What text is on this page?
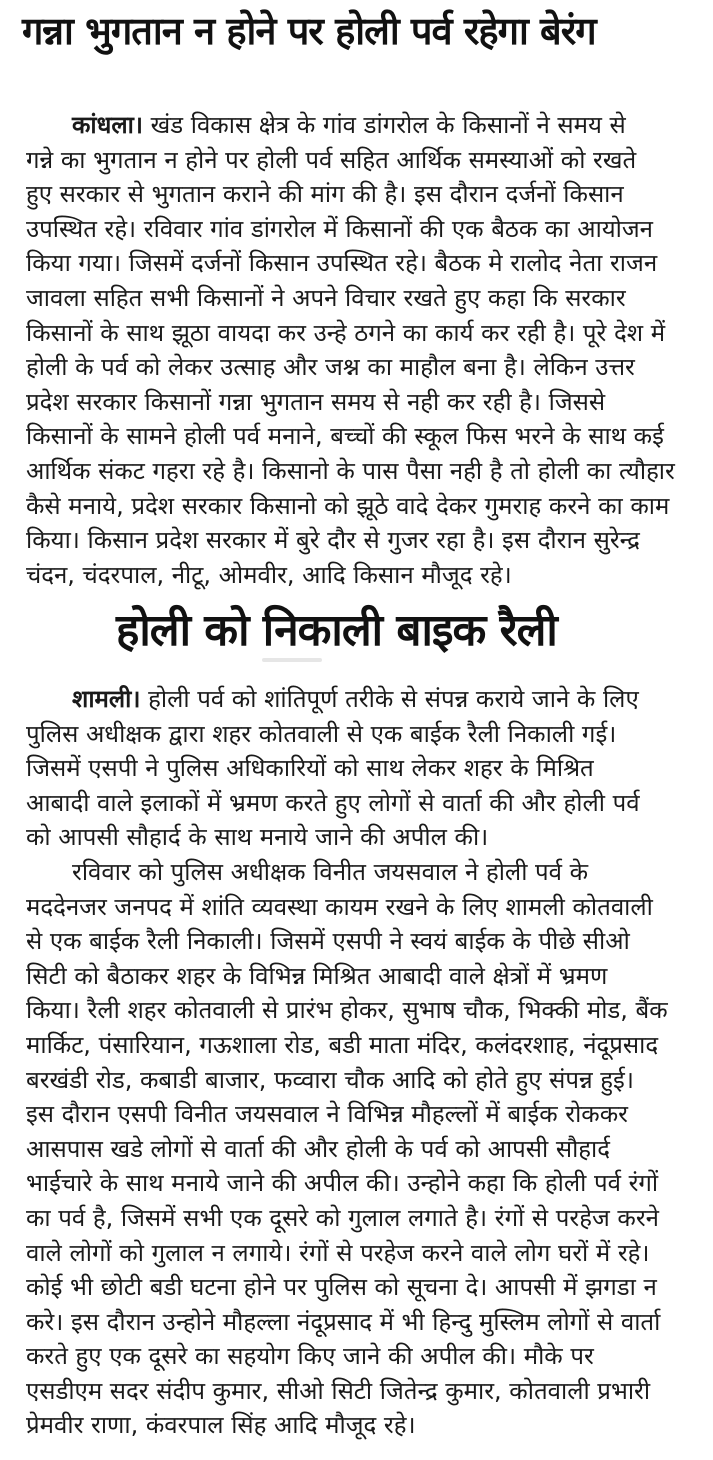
गन्ना भुगतान न होने पर होली पर्व रहेगा बेरंग
कांधला। खंड विकास क्षेत्र के गांव डांगरोल के किसानों ने समय से
गन्ने का भुगतान न होने पर होली पर्व सहित आर्थिक समस्याओं को रखते
हुए सरकार से भुगतान कराने की मांग की है। इस दौरान दर्जनों किसान
उपस्थित रहे। रविवार गांव डांगरोल में किसानों की एक बैठक का आयोजन
किया गया। जिसमें दर्जनों किसान उपस्थित रहे। बैठक मे रालोद नेता राजन
जावला सहित सभी किसानों ने अपने विचार रखते हुए कहा कि सरकार
किसानों के साथ झूठा वायदा कर उन्हे ठगने का कार्य कर रही है। पूरे देश में
होली के पर्व को लेकर उत्साह और जश्न का माहौल बना है। लेकिन उत्तर
प्रदेश सरकार किसानों गन्ना भुगतान समय से नही कर रही है। जिससे
किसानों के सामने होली पर्व मनाने, बच्चों की स्कूल फिस भरने के साथ कई
आर्थिक संकट गहरा रहे है। किसानो के पास पैसा नही है तो होली का त्यौहार
कैसे मनाये, प्रदेश सरकार किसानो को झूठे वादे देकर गुमराह करने का काम
किया। किसान प्रदेश सरकार में बुरे दौर से गुजर रहा है। इस दौरान सुरेन्द्र
चंदन, चंदरपाल, नीटू, ओमवीर, आदि किसान मौजूद रहे।
होली को निकाली बाइक रैली
शामली। होली पर्व को शांतिपूर्ण तरीके से संपन्न कराये जाने के लिए
पुलिस अधीक्षक द्वारा शहर कोतवाली से एक बाईक रैली निकाली गई।
जिसमें एसपी ने पुलिस अधिकारियों को साथ लेकर शहर के मिश्रित
आबादी वाले इलाकों में भ्रमण करते हुए लोगों से वार्ता की और होली पर्व
को आपसी सौहार्द के साथ मनाये जाने की अपील की।
रविवार को पुलिस अधीक्षक विनीत जयसवाल ने होली पर्व के
मददेनजर जनपद में शांति व्यवस्था कायम रखने के लिए शामली कोतवाली
से एक बाईक रैली निकाली। जिसमें एसपी ने स्वयं बाईक के पीछे सीओ
सिटी को बैठाकर शहर के विभिन्न मिश्रित आबादी वाले क्षेत्रों में भ्रमण
किया। रैली शहर कोतवाली से प्रारंभ होकर, सुभाष चौक, भिक्की मोड, बैंक
मार्किट, पंसारियान, गऊशाला रोड, बडी माता मंदिर, कलंदरशाह, नंदूप्रसाद
बरखंडी रोड, कबाडी बाजार, फव्वारा चौक आदि को होते हुए संपन्न हुई।
इस दौरान एसपी विनीत जयसवाल ने विभिन्न मौहल्लों में बाईक रोककर
आसपास खडे लोगों से वार्ता की और होली के पर्व को आपसी सौहार्द
भाईचारे के साथ मनाये जाने की अपील की। उन्होने कहा कि होली पर्व रंगों
का पर्व है, जिसमें सभी एक दूसरे को गुलाल लगाते है। रंगों से परहेज करने
वाले लोगों को गुलाल न लगाये। रंगों से परहेज करने वाले लोग घरों में रहे।
कोई भी छोटी बडी घटना होने पर पुलिस को सूचना दे। आपसी में झगडा न
करे। इस दौरान उन्होने मौहल्ला नंदूप्रसाद में भी हिन्दु मुस्लिम लोगों से वार्ता
करते हुए एक दूसरे का सहयोग किए जाने की अपील की। मौके पर
एसडीएम सदर संदीप कुमार, सीओ सिटी जितेन्द्र कुमार, कोतवाली प्रभारी
प्रेमवीर राणा, कंवरपाल सिंह आदि मौजूद रहे।
